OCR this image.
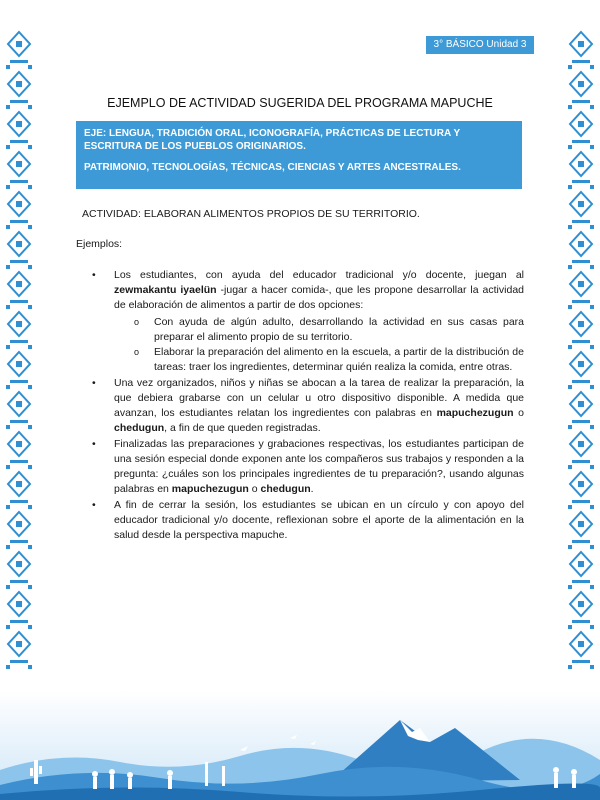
3° BÁSICO Unidad 3
EJEMPLO DE ACTIVIDAD SUGERIDA DEL PROGRAMA MAPUCHE

EJE: LENGUA, TRADICIÓN ORAL, ICONOGRAFÍA, PRÁCTICAS DE LECTURA Y ESCRITURA DE LOS PUEBLOS ORIGINARIOS.

PATRIMONIO, TECNOLOGÍAS, TÉCNICAS, CIENCIAS Y ARTES ANCESTRALES.

ACTIVIDAD: ELABORAN ALIMENTOS PROPIOS DE SU TERRITORIO.
Ejemplos:
• Los estudiantes, con ayuda del educador tradicional y/o docente, juegan al zewmakantu iyaelün -jugar a hacer comida-, que les propone desarrollar la actividad de elaboración de alimentos a partir de dos opciones:
o Con ayuda de algún adulto, desarrollando la actividad en sus casas para preparar el alimento propio de su territorio.
o Elaborar la preparación del alimento en la escuela, a partir de la distribución de tareas: traer los ingredientes, determinar quién realiza la comida, entre otras.
• Una vez organizados, niños y niñas se abocan a la tarea de realizar la preparación, la que debiera grabarse con un celular u otro dispositivo disponible. A medida que avanzan, los estudiantes relatan los ingredientes con palabras en mapuchezugun o chedugun, a fin de que queden registradas.
• Finalizadas las preparaciones y grabaciones respectivas, los estudiantes participan de una sesión especial donde exponen ante los compañeros sus trabajos y responden a la pregunta: ¿cuáles son los principales ingredientes de tu preparación?, usando algunas palabras en mapuchezugun o chedugun.
• A fin de cerrar la sesión, los estudiantes se ubican en un círculo y con apoyo del educador tradicional y/o docente, reflexionan sobre el aporte de la alimentación en la salud desde la perspectiva mapuche.
